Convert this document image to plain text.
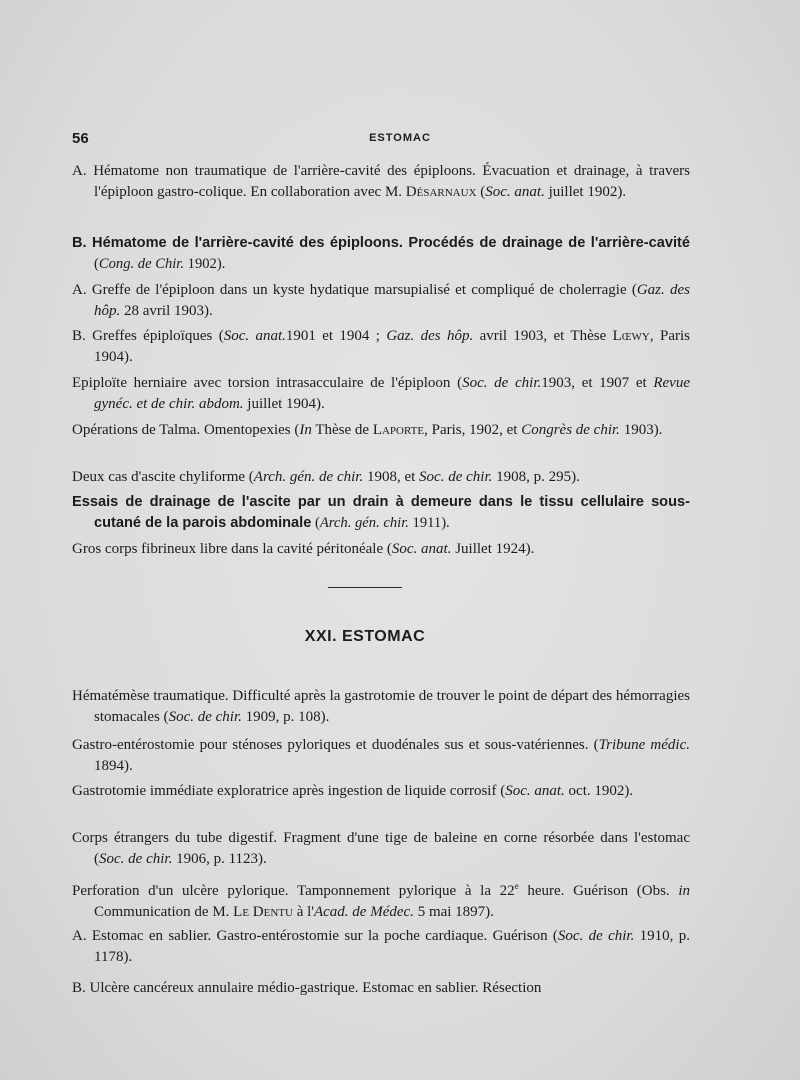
56	ESTOMAC
A. Hématome non traumatique de l'arrière-cavité des épiploons. Évacuation et drainage, à travers l'épiploon gastro-colique. En collaboration avec M. Désarnaux (Soc. anat. juillet 1902).
B. Hématome de l'arrière-cavité des épiploons. Procédés de drainage de l'arrière-cavité (Cong. de Chir. 1902).
A. Greffe de l'épiploon dans un kyste hydatique marsupialisé et compliqué de cholerragie (Gaz. des hôp. 28 avril 1903).
B. Greffes épiploïques (Soc. anat.1901 et 1904 ; Gaz. des hôp. avril 1903, et Thèse Lœwy, Paris 1904).
Epiploïte herniaire avec torsion intrasacculaire de l'épiploon (Soc. de chir.1903, et 1907 et Revue gynéc. et de chir. abdom. juillet 1904).
Opérations de Talma. Omentopexies (In Thèse de Laporte, Paris, 1902, et Congrès de chir. 1903).
Deux cas d'ascite chyliforme (Arch. gén. de chir. 1908, et Soc. de chir. 1908, p. 295).
Essais de drainage de l'ascite par un drain à demeure dans le tissu cellulaire sous-cutané de la parois abdominale (Arch. gén. chir. 1911).
Gros corps fibrineux libre dans la cavité péritonéale (Soc. anat. Juillet 1924).
XXI. ESTOMAC
Hématémèse traumatique. Difficulté après la gastrotomie de trouver le point de départ des hémorragies stomacales (Soc. de chir. 1909, p. 108).
Gastro-entérostomie pour sténoses pyloriques et duodénales sus et sous-vatériennes. (Tribune médic. 1894).
Gastrotomie immédiate exploratrice après ingestion de liquide corrosif (Soc. anat. oct. 1902).
Corps étrangers du tube digestif. Fragment d'une tige de baleine en corne résorbée dans l'estomac (Soc. de chir. 1906, p. 1123).
Perforation d'un ulcère pylorique. Tamponnement pylorique à la 22e heure. Guérison (Obs. in Communication de M. Le Dentu à l'Acad. de Médec. 5 mai 1897).
A. Estomac en sablier. Gastro-entérostomie sur la poche cardiaque. Guérison (Soc. de chir. 1910, p. 1178).
B. Ulcère cancéreux annulaire médio-gastrique. Estomac en sablier. Résection
